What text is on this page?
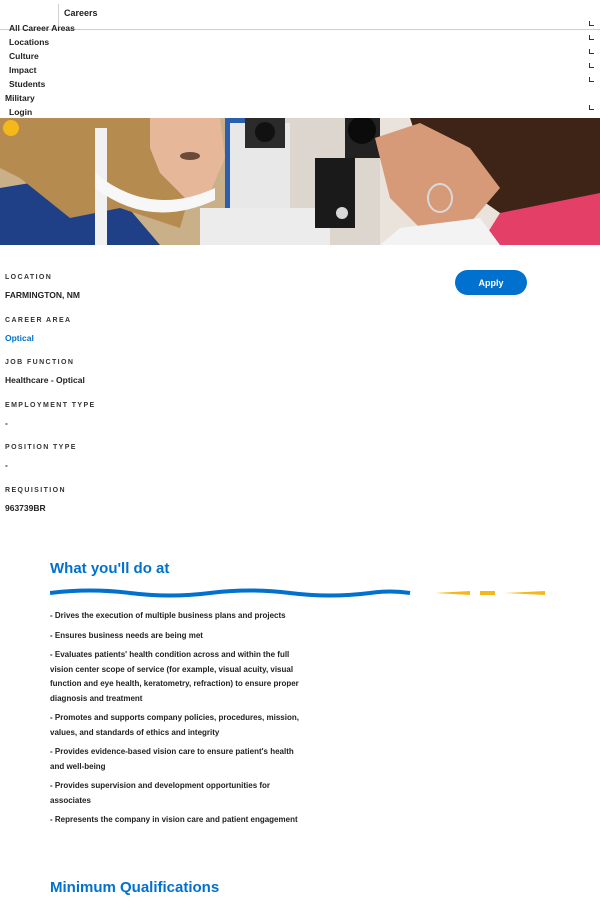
Careers
All Career Areas
Locations
Culture
Impact
Students
Military
Login
Apply
LOCATION
FARMINGTON, NM
CAREER AREA
Optical
JOB FUNCTION
Healthcare - Optical
EMPLOYMENT TYPE
-
POSITION TYPE
-
REQUISITION
963739BR
What you'll do at
- Drives the execution of multiple business plans and projects
- Ensures business needs are being met
- Evaluates patients' health condition across and within the full vision center scope of service (for example, visual acuity, visual function and eye health, keratometry, refraction) to ensure proper diagnosis and treatment
- Promotes and supports company policies, procedures, mission, values, and standards of ethics and integrity
- Provides evidence-based vision care to ensure patient's health and well-being
- Provides supervision and development opportunities for associates
- Represents the company in vision care and patient engagement
Minimum Qualifications
